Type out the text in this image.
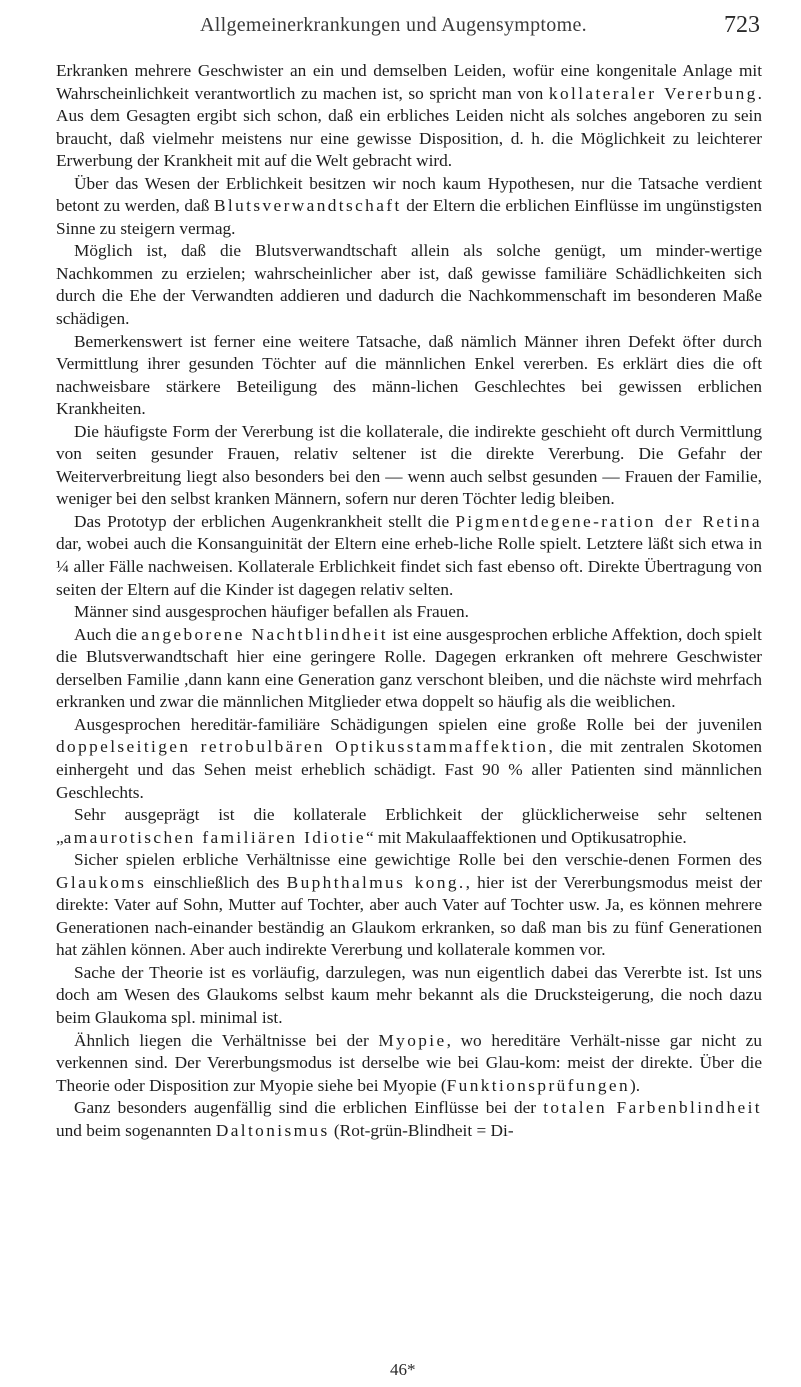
Allgemeinerkrankungen und Augensymptome.	723

Erkranken mehrere Geschwister an ein und demselben Leiden, wofür eine kongenitale Anlage mit Wahrscheinlichkeit verantwortlich zu machen ist, so spricht man von kollateraler Vererbung. Aus dem Gesagten ergibt sich schon, daß ein erbliches Leiden nicht als solches angeboren zu sein braucht, daß vielmehr meistens nur eine gewisse Disposition, d. h. die Möglichkeit zu leichterer Erwerbung der Krankheit mit auf die Welt gebracht wird.

Über das Wesen der Erblichkeit besitzen wir noch kaum Hypothesen, nur die Tatsache verdient betont zu werden, daß Blutsverwandtschaft der Eltern die erblichen Einflüsse im ungünstigsten Sinne zu steigern vermag.

Möglich ist, daß die Blutsverwandtschaft allein als solche genügt, um minder-wertige Nachkommen zu erzielen; wahrscheinlicher aber ist, daß gewisse familiäre Schädlichkeiten sich durch die Ehe der Verwandten addieren und dadurch die Nachkommenschaft im besonderen Maße schädigen.

Bemerkenswert ist ferner eine weitere Tatsache, daß nämlich Männer ihren Defekt öfter durch Vermittlung ihrer gesunden Töchter auf die männlichen Enkel vererben. Es erklärt dies die oft nachweisbare stärkere Beteiligung des männ-lichen Geschlechtes bei gewissen erblichen Krankheiten.

Die häufigste Form der Vererbung ist die kollaterale, die indirekte geschieht oft durch Vermittlung von seiten gesunder Frauen, relativ seltener ist die direkte Vererbung. Die Gefahr der Weiterverbreitung liegt also besonders bei den — wenn auch selbst gesunden — Frauen der Familie, weniger bei den selbst kranken Männern, sofern nur deren Töchter ledig bleiben.

Das Prototyp der erblichen Augenkrankheit stellt die Pigmentdegene-ration der Retina dar, wobei auch die Konsanguinität der Eltern eine erheb-liche Rolle spielt. Letztere läßt sich etwa in ¼ aller Fälle nachweisen. Kollaterale Erblichkeit findet sich fast ebenso oft. Direkte Übertragung von seiten der Eltern auf die Kinder ist dagegen relativ selten.

Männer sind ausgesprochen häufiger befallen als Frauen.

Auch die angeborene Nachtblindheit ist eine ausgesprochen erbliche Affektion, doch spielt die Blutsverwandtschaft hier eine geringere Rolle. Dagegen erkranken oft mehrere Geschwister derselben Familie ,dann kann eine Generation ganz verschont bleiben, und die nächste wird mehrfach erkranken und zwar die männlichen Mitglieder etwa doppelt so häufig als die weiblichen.

Ausgesprochen hereditär-familiäre Schädigungen spielen eine große Rolle bei der juvenilen doppelseitigen retrobulbären Optikusstammaffektion, die mit zentralen Skotomen einhergeht und das Sehen meist erheblich schädigt. Fast 90 % aller Patienten sind männlichen Geschlechts.

Sehr ausgeprägt ist die kollaterale Erblichkeit der glücklicherweise sehr seltenen „amaurotischen familiären Idiotie“ mit Makulaaffektionen und Optikusatrophie.

Sicher spielen erbliche Verhältnisse eine gewichtige Rolle bei den verschie-denen Formen des Glaukoms einschließlich des Buphthalmus kong., hier ist der Vererbungsmodus meist der direkte: Vater auf Sohn, Mutter auf Tochter, aber auch Vater auf Tochter usw. Ja, es können mehrere Generationen nach-einander beständig an Glaukom erkranken, so daß man bis zu fünf Generationen hat zählen können. Aber auch indirekte Vererbung und kollaterale kommen vor.

Sache der Theorie ist es vorläufig, darzulegen, was nun eigentlich dabei das Vererbte ist. Ist uns doch am Wesen des Glaukoms selbst kaum mehr bekannt als die Drucksteigerung, die noch dazu beim Glaukoma spl. minimal ist.

Ähnlich liegen die Verhältnisse bei der Myopie, wo hereditäre Verhält-nisse gar nicht zu verkennen sind. Der Vererbungsmodus ist derselbe wie bei Glau-kom: meist der direkte. Über die Theorie oder Disposition zur Myopie siehe bei Myopie (Funktionsprüfungen).

Ganz besonders augenfällig sind die erblichen Einflüsse bei der totalen Farbenblindheit und beim sogenannten Daltonismus (Rot-grün-Blindheit = Di-

46*
